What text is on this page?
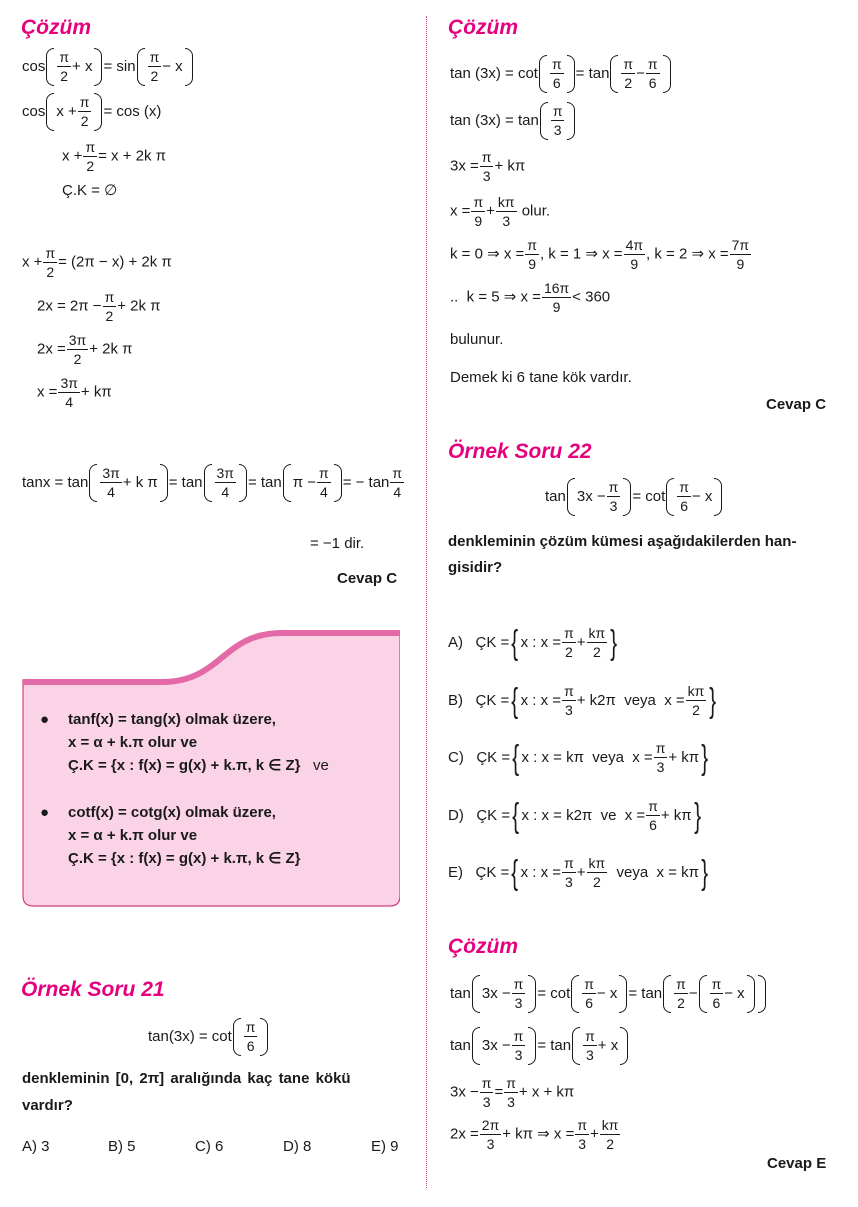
Çözüm
$\cos \frac{\pi}{2} + x = \sin \frac{\pi}{2} - x$
$\cos x + \frac{\pi}{2} = \cos (x)$
$x + \frac{\pi}{2} = x + 2k$ π
Ç.K = ∅
$x + \frac{\pi}{2} = (2\pi - x) + 2k$ π
$2x = 2\pi - \frac{\pi}{2} + 2k$ π
$2x = \frac{3\pi}{2} + 2k$ π
$x = \frac{3\pi}{4} + k\pi$
$\tan x = \tan \frac{3\pi}{4} + k$ $\pi = \tan \frac{3\pi}{4} = \tan \pi - \frac{\pi}{4}$ = − $\tan \frac{\pi}{4}$
= −1 dir.
Cevap C
● tanf(x) = tang(x) olmak üzere,
x = α + k.π olur ve
Ç.K = {x : f(x) = g(x) + k.π, k ∈ Z} ve
● cotf(x) = cotg(x) olmak üzere,
x = α + k.π olur ve
Ç.K = {x : f(x) = g(x) + k.π, k ∈ Z}
Örnek Soru 21
$\tan(3x) = \cot \frac{\pi}{6}$
denkleminin [0, 2π] aralığında kaç tane kökü
vardır?
A) 3	B) 5	C) 6	D) 8	E) 9
Çözüm
$\tan (3x) = \cot \frac{\pi}{6} = \tan \frac{\pi}{2} - \frac{\pi}{6}$
$\tan (3x) = \tan \frac{\pi}{3}$
$3x = \frac{\pi}{3} + k\pi$
$x = \frac{\pi}{9} + \frac{k\pi}{3}$ olur.
k = 0 ⇒ $x = \frac{\pi}{9}$ , k = 1 ⇒ $x = \frac{4\pi}{9}$ , k = 2 ⇒ $x = \frac{7\pi}{9}$
..  k = 5 ⇒ $x = \frac{16\pi}{9} < 360$
bulunur.
Demek ki 6 tane kök vardır.
Cevap C
Örnek Soru 22
$\tan 3x - \frac{\pi}{3} = \cot \frac{\pi}{6} - x$
denkleminin çözüm kümesi aşağıdakilerden han-
gisidir?
A)   ÇK ={ x : $x = \frac{\pi}{2} + \frac{k\pi}{2}$ }
B)   ÇK ={ x : $x = \frac{\pi}{3} + k2\pi$  veya  $x = \frac{k\pi}{2}$ }
C)   ÇK ={ x : x = kπ  veya  $x = \frac{\pi}{3} + k\pi$}
D)   ÇK ={ x : x = k2π  ve  $x = \frac{\pi}{6} + k\pi$}
E)   ÇK ={ x : $x = \frac{\pi}{3} + \frac{k\pi}{2}$ veya  x = kπ}
Çözüm
$\tan 3x - \frac{\pi}{3} = \cot \frac{\pi}{6} - x = \tan \frac{\pi}{2} - \frac{\pi}{6} - x$
$\tan 3x - \frac{\pi}{3} = \tan \frac{\pi}{3} + x$
$3x - \frac{\pi}{3} = \frac{\pi}{3} + x + k\pi$
$2x = \frac{2\pi}{3} + k\pi$ ⇒ $x = \frac{\pi}{3} + \frac{k\pi}{2}$
Cevap E
